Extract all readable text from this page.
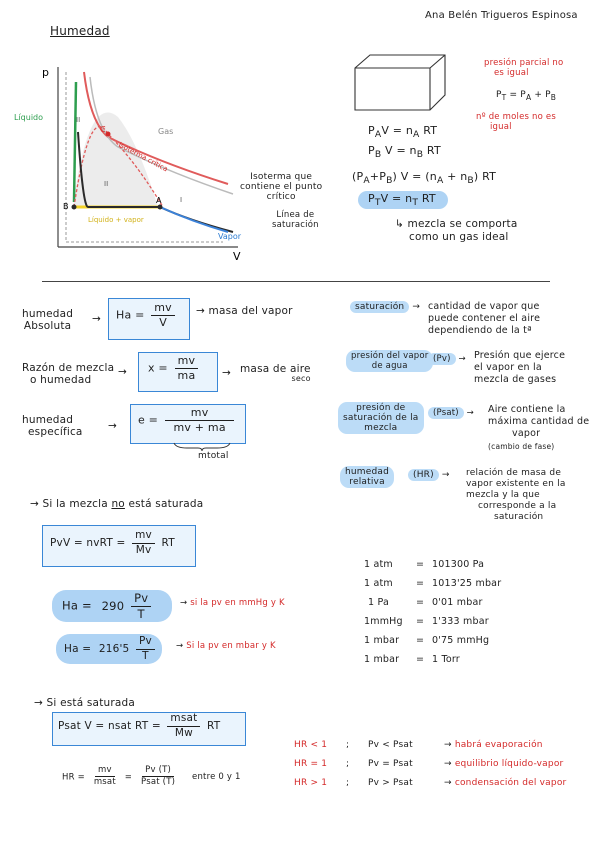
Ana Belén Trigueros Espinosa
Humedad
p
V
Líquido
Gas
C
Isoterma crítica
II
II
I
B
A
Líquido + vapor
Vapor
Isoterma que
contiene el punto
crítico
Línea de
saturación
presión parcial no
es igual
$P_T = P_A + P_B$
nº de moles no es
igual
$P_AV = n_A$ RT
$P_B$ $V = n_B$ RT
$(P_A+P_B) V = (n_A + n_B)$ RT
$P_TV = n_T$ RT
↳ mezcla se comporta
como un gas ideal
humedad
Absoluta
→ $Ha = \frac{mv}{V}$ → masa del vapor
Razón de mezcla
o humedad
→ $x = \frac{mv}{ma}$ → masa de aire
seco
humedad
específica → $e = \frac{mv}{mv + ma}$
mtotal
saturación → cantidad de vapor que
puede contener el aire
dependiendo de la tª
presión del vapor
de agua
(Pv) → Presión que ejerce
el vapor en la
mezcla de gases
presión de
saturación de la
mezcla
(Psat) → Aire contiene la
máxima cantidad de
vapor
(cambio de fase)
humedad
relativa
(HR) → relación de masa de
vapor existente en la
mezcla y la que
corresponde a la
saturación
→ Si la mezcla no está saturada
PvV = nvRT = $\frac{mv}{Mv}$ RT
$Ha = 290 \frac{Pv}{T}$	→ si la pv en mmHg y K
$Ha = 216'5 \frac{Pv}{T} \to Si$ la pv en mbar y K
1 atm = 101300 Pa
1 atm = 1013'25 mbar
1 Pa	= 0'01 mbar
1mmHg = 1'333 mbar
1 mbar = 0'75 mmHg
1 mbar = 1 Torr
→ Si está saturada
Psat V = nsat RT = $\frac{\text{msat}}{Mw}$ RT
HR = $\frac{mv}{\text{msat}} = \frac{Pv (T)}{\text{Psat (T)}}$ entre 0 y 1
HR < 1 ; Pv < Psat	→ habrá evaporación
HR = 1 ; Pv = Psat	→ equilibrio líquido-vapor
HR > 1 ; Pv > Psat	→ condensación del vapor
